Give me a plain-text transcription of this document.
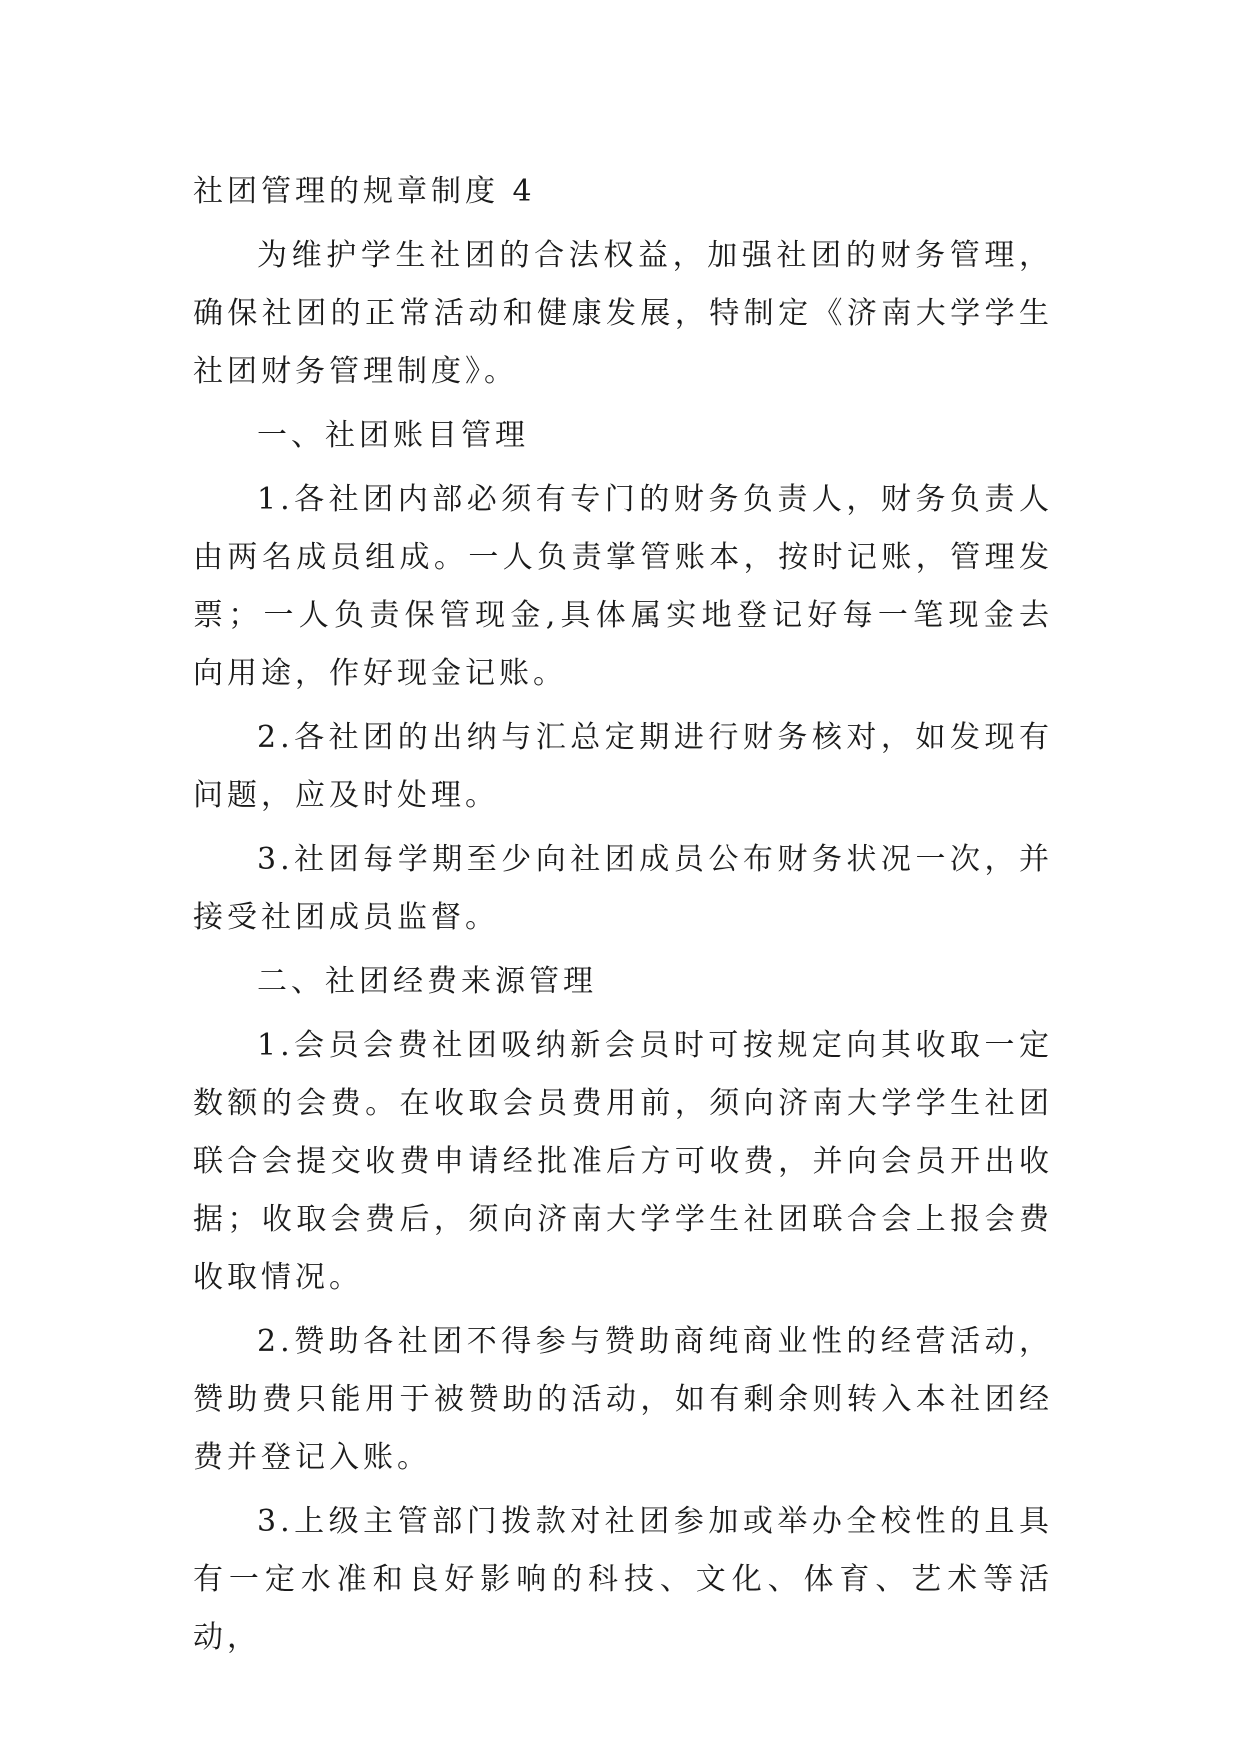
社团管理的规章制度 4

为维护学生社团的合法权益，加强社团的财务管理，确保社团的正常活动和健康发展，特制定《济南大学学生社团财务管理制度》。

一、社团账目管理

1.各社团内部必须有专门的财务负责人，财务负责人由两名成员组成。一人负责掌管账本，按时记账，管理发票；一人负责保管现金,具体属实地登记好每一笔现金去向用途，作好现金记账。

2.各社团的出纳与汇总定期进行财务核对，如发现有问题，应及时处理。

3.社团每学期至少向社团成员公布财务状况一次，并接受社团成员监督。

二、社团经费来源管理

1.会员会费社团吸纳新会员时可按规定向其收取一定数额的会费。在收取会员费用前，须向济南大学学生社团联合会提交收费申请经批准后方可收费，并向会员开出收据；收取会费后，须向济南大学学生社团联合会上报会费收取情况。

2.赞助各社团不得参与赞助商纯商业性的经营活动，赞助费只能用于被赞助的活动，如有剩余则转入本社团经费并登记入账。

3.上级主管部门拨款对社团参加或举办全校性的且具有一定水准和良好影响的科技、文化、体育、艺术等活动，
